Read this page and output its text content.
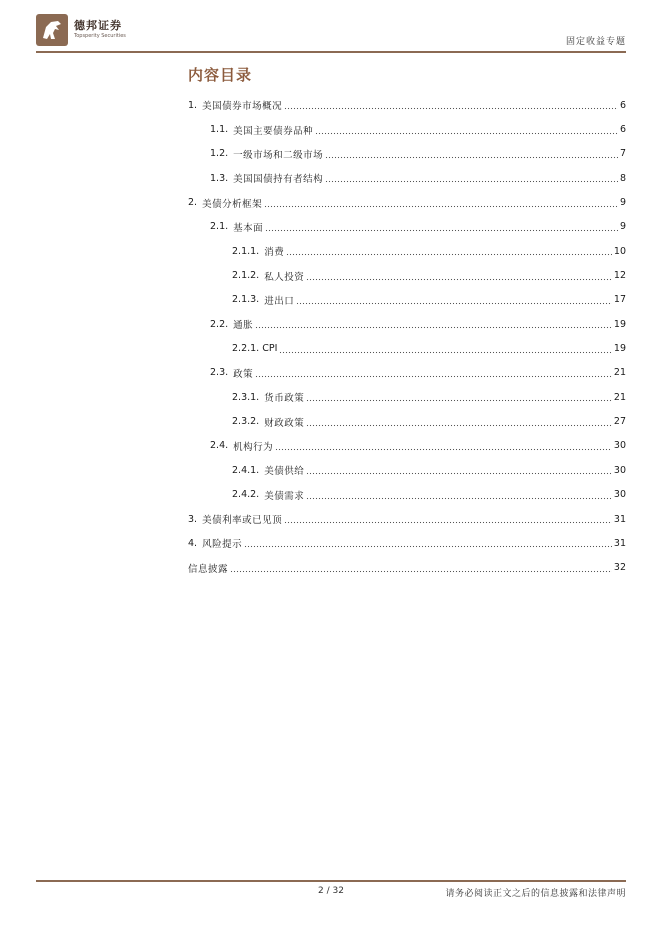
德邦证券
Topsperity Securities
固定收益专题
内容目录
1. 美国债券市场概况	6
1.1. 美国主要债券品种	6
1.2. 一级市场和二级市场	7
1.3. 美国国债持有者结构	8
2. 美债分析框架	9
2.1. 基本面	9
2.1.1. 消费	10
2.1.2. 私人投资	12
2.1.3. 进出口	17
2.2. 通胀	19
2.2.1. CPI	19
2.3. 政策	21
2.3.1. 货币政策	21
2.3.2. 财政政策	27
2.4. 机构行为	30
2.4.1. 美债供给	30
2.4.2. 美债需求	30
3. 美债利率或已见顶	31
4. 风险提示	31
信息披露	32
2 / 32	请务必阅读正文之后的信息披露和法律声明
